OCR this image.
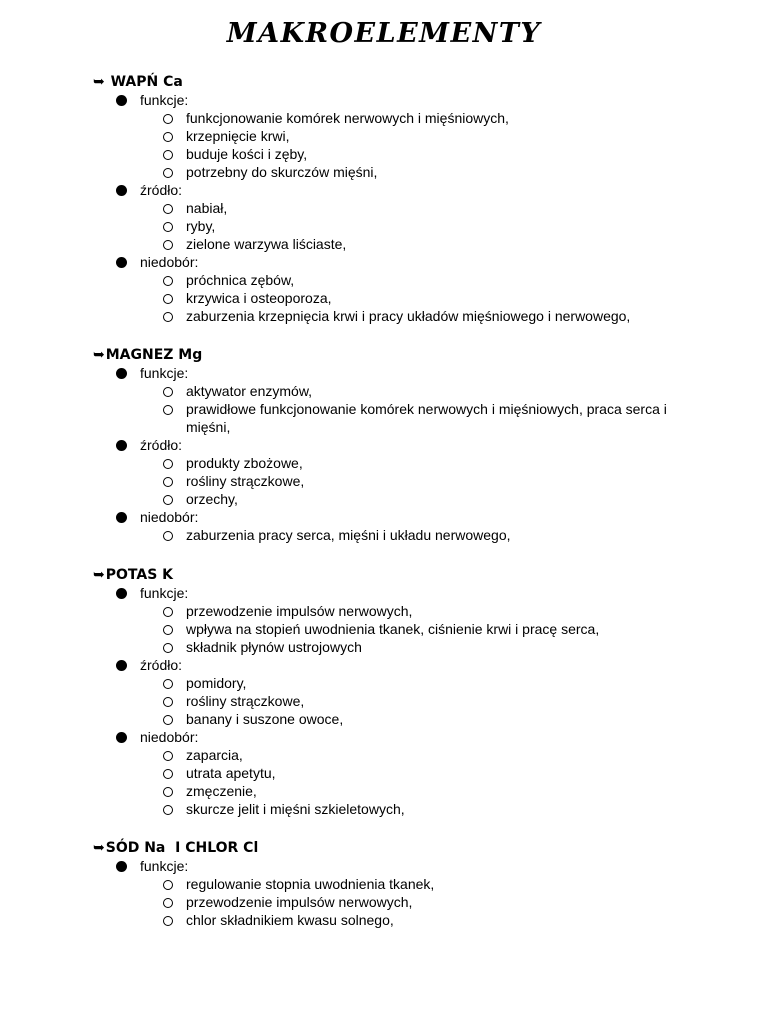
MAKROELEMENTY
➥ WAPŃ Ca
funkcje:
funkcjonowanie komórek nerwowych i mięśniowych,
krzepnięcie krwi,
buduje kości i zęby,
potrzebny do skurczów mięśni,
źródło:
nabiał,
ryby,
zielone warzywa liściaste,
niedobór:
próchnica zębów,
krzywica i osteoporoza,
zaburzenia krzepnięcia krwi i pracy układów mięśniowego i nerwowego,
➥MAGNEZ Mg
funkcje:
aktywator enzymów,
prawidłowe funkcjonowanie komórek nerwowych i mięśniowych, praca serca i mięśni,
źródło:
produkty zbożowe,
rośliny strączkowe,
orzechy,
niedobór:
zaburzenia pracy serca, mięśni i układu nerwowego,
➥POTAS K
funkcje:
przewodzenie impulsów nerwowych,
wpływa na stopień uwodnienia tkanek, ciśnienie krwi i pracę serca,
składnik płynów ustrojowych
źródło:
pomidory,
rośliny strączkowe,
banany i suszone owoce,
niedobór:
zaparcia,
utrata apetytu,
zmęczenie,
skurcze jelit i mięśni szkieletowych,
➥SÓD Na  I CHLOR Cl
funkcje:
regulowanie stopnia uwodnienia tkanek,
przewodzenie impulsów nerwowych,
chlor składnikiem kwasu solnego,
